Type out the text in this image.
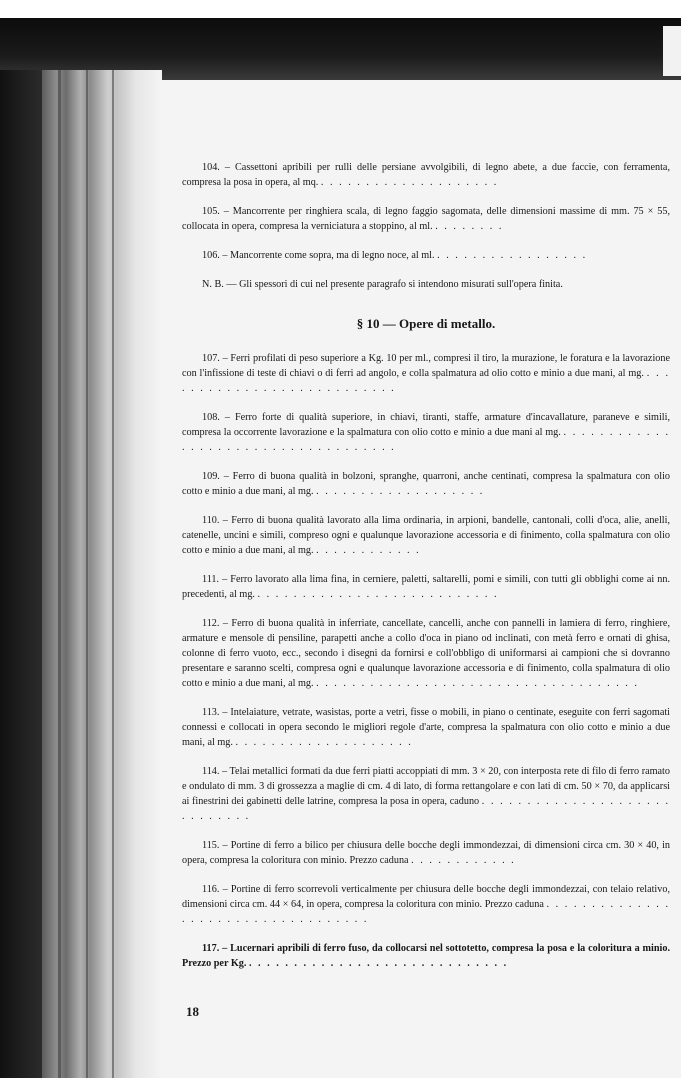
104. – Cassettoni apribili per rulli delle persiane avvolgibili, di legno abete, a due faccie, con ferramenta, compresa la posa in opera, al mq. . . . . . . . . . . . . . . . . . . . .

105. – Mancorrente per ringhiera scala, di legno faggio sagomata, delle dimensioni massime di mm. 75 × 55, collocata in opera, compresa la verniciatura a stoppino, al ml. . . . . . . . .

106. – Mancorrente come sopra, ma di legno noce, al ml. . . . . . . . . . . . . . . . . .

N. B. — Gli spessori di cui nel presente paragrafo si intendono misurati sull'opera finita.

§ 10 — Opere di metallo.

107. – Ferri profilati di peso superiore a Kg. 10 per ml., compresi il tiro, la murazione, le foratura e la lavorazione con l'infissione di teste di chiavi o di ferri ad angolo, e colla spalmatura ad olio cotto e minio a due mani, al mg. . . . . . . . . . . . . . . . . . . . . . . . . . . .

108. – Ferro forte di qualità superiore, in chiavi, tiranti, staffe, armature d'incavallature, paraneve e simili, compresa la occorrente lavorazione e la spalmatura con olio cotto e minio a due mani al mg. . . . . . . . . . . . . . . . . . . . . . . . . . . . . . . . . . . . .

109. – Ferro di buona qualità in bolzoni, spranghe, quarroni, anche centinati, compresa la spalmatura con olio cotto e minio a due mani, al mg. . . . . . . . . . . . . . . . . . . .

110. – Ferro di buona qualità lavorato alla lima ordinaria, in arpioni, bandelle, cantonali, colli d'oca, alie, anelli, catenelle, uncini e simili, compreso ogni e qualunque lavorazione accessoria e di finimento, colla spalmatura con olio cotto e minio a due mani, al mg. . . . . . . . . . . . .

111. – Ferro lavorato alla lima fina, in cerniere, paletti, saltarelli, pomi e simili, con tutti gli obblighi come ai nn. precedenti, al mg. . . . . . . . . . . . . . . . . . . . . . . . . . . .

112. – Ferro di buona qualità in inferriate, cancellate, cancelli, anche con pannelli in lamiera di ferro, ringhiere, armature e mensole di pensiline, parapetti anche a collo d'oca in piano od inclinati, con metà ferro e ornati di ghisa, colonne di ferro vuoto, ecc., secondo i disegni da fornirsi e coll'obbligo di uniformarsi ai campioni che si dovranno presentare e saranno scelti, compresa ogni e qualunque lavorazione accessoria e di finimento, colla spalmatura di olio cotto e minio a due mani, al mg. . . . . . . . . . . . . . . . . . . . . . . . . . . . . . . . . . . . .

113. – Intelaiature, vetrate, wasistas, porte a vetri, fisse o mobili, in piano o centinate, eseguite con ferri sagomati connessi e collocati in opera secondo le migliori regole d'arte, compresa la spalmatura con olio cotto e minio a due mani, al mg. . . . . . . . . . . . . . . . . . . . .

114. – Telai metallici formati da due ferri piatti accoppiati di mm. 3 × 20, con interposta rete di filo di ferro ramato e ondulato di mm. 3 di grossezza a maglie di cm. 4 di lato, di forma rettangolare e con lati di cm. 50 × 70, da applicarsi ai finestrini dei gabinetti delle latrine, compresa la posa in opera, caduno . . . . . . . . . . . . . . . . . . . . . . . . . . . . .

115. – Portine di ferro a bilico per chiusura delle bocche degli immondezzai, di dimensioni circa cm. 30 × 40, in opera, compresa la coloritura con minio. Prezzo caduna . . . . . . . . . . . .

116. – Portine di ferro scorrevoli verticalmente per chiusura delle bocche degli immondezzai, con telaio relativo, dimensioni circa cm. 44 × 64, in opera, compresa la coloritura con minio. Prezzo caduna . . . . . . . . . . . . . . . . . . . . . . . . . . . . . . . . . . .

117. – Lucernari apribili di ferro fuso, da collocarsi nel sottotetto, compresa la posa e la coloritura a minio. Prezzo per Kg. . . . . . . . . . . . . . . . . . . . . . . . . . . . . .

18
